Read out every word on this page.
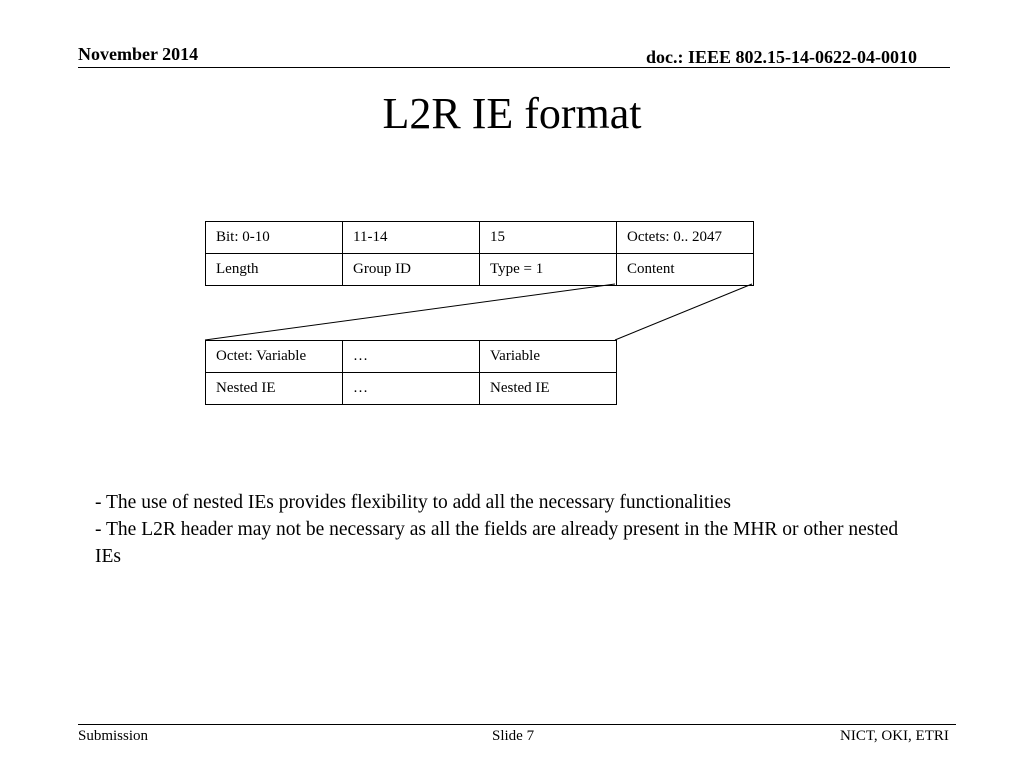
November 2014	doc.: IEEE 802.15-14-0622-04-0010
L2R IE format
Bit: 0-10	11-14	15	Octets: 0.. 2047
Length	Group ID	Type = 1	Content
Octet: Variable	…	Variable
Nested IE	…	Nested IE

- The use of nested IEs provides flexibility to add all the necessary functionalities

- The L2R header may not be necessary as all the fields are already present in the MHR or other nested IEs

Submission	Slide 7	NICT, OKI, ETRI
